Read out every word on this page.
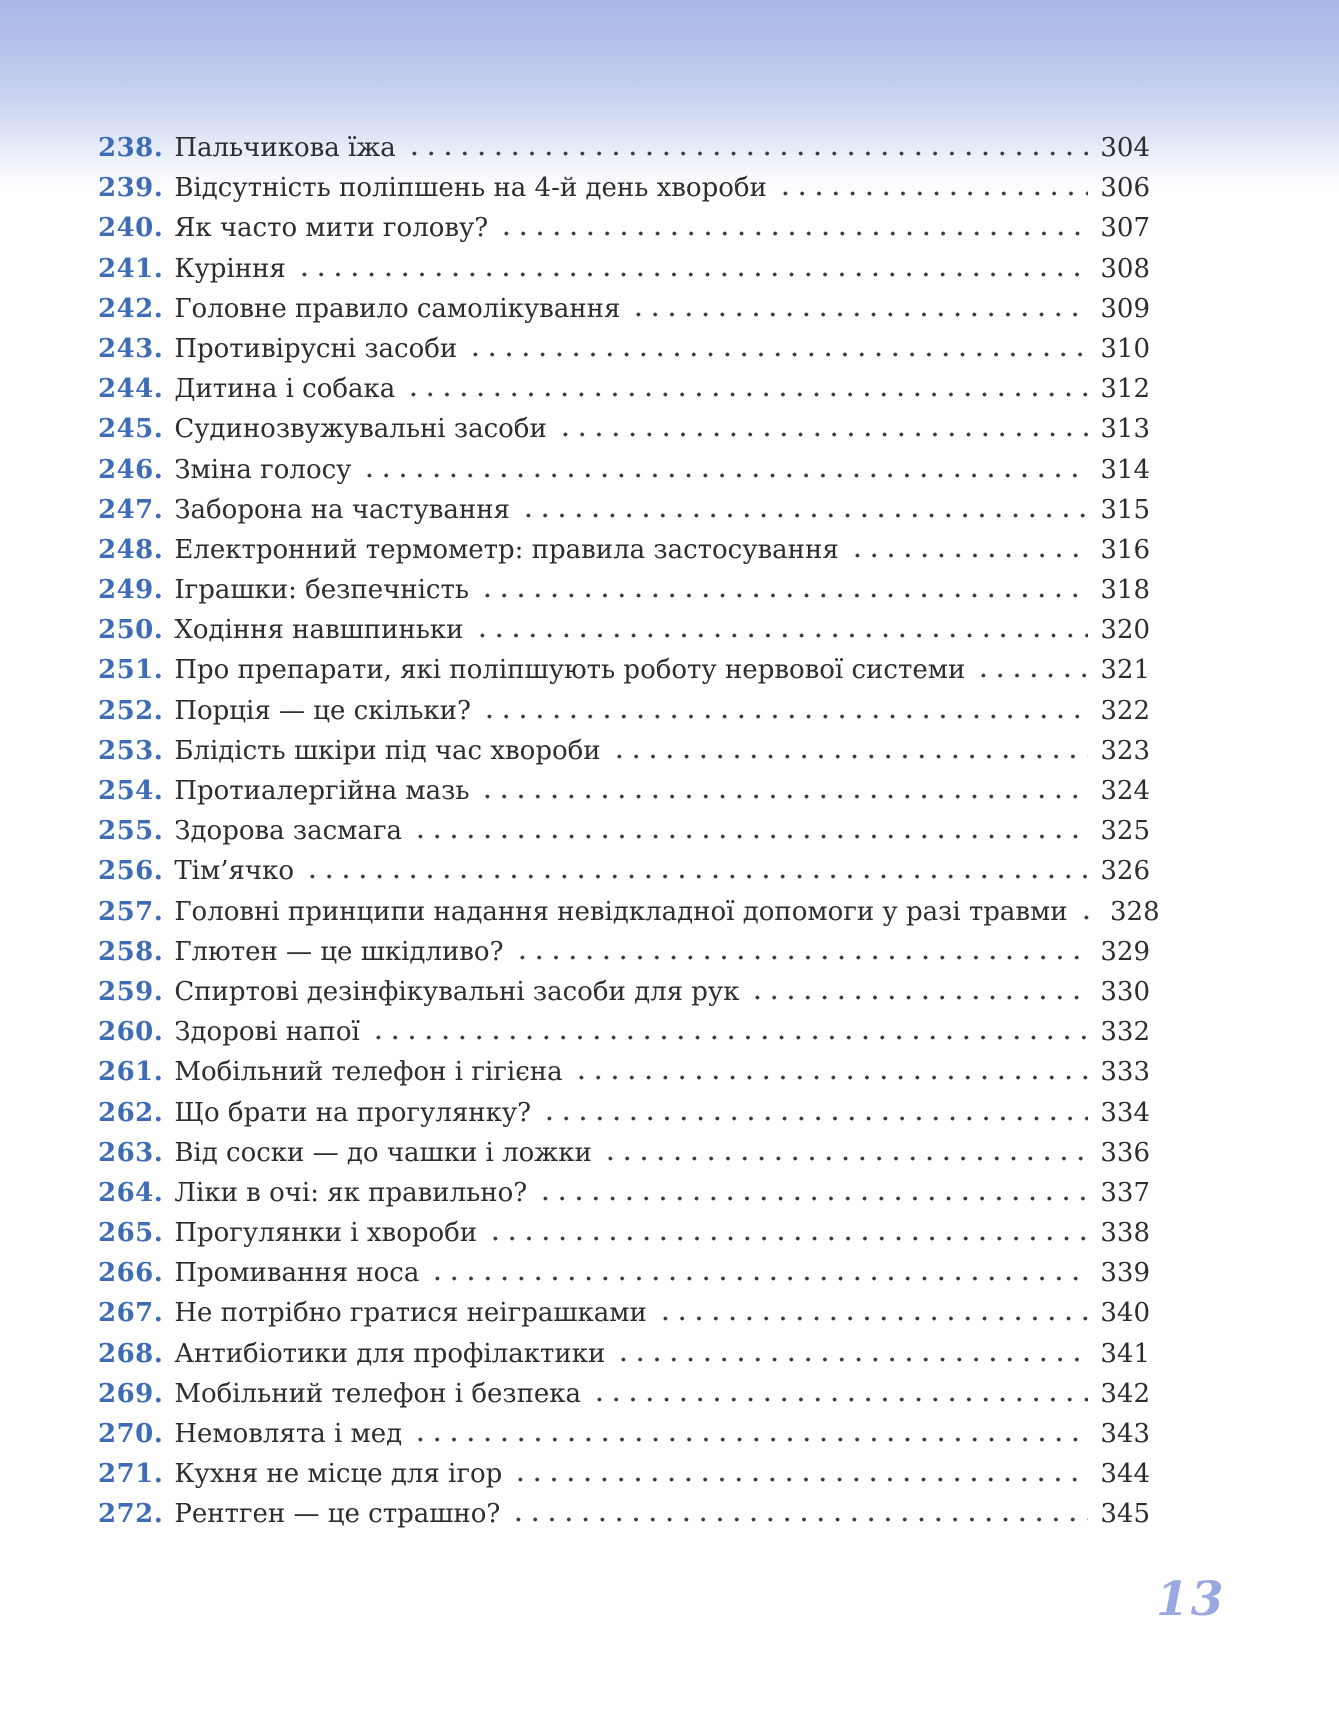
238. Пальчикова їжа	304
239. Відсутність поліпшень на 4-й день хвороби	306
240. Як часто мити голову?	307
241. Куріння	308
242. Головне правило самолікування	309
243. Противірусні засоби	310
244. Дитина і собака	312
245. Судинозвужувальні засоби	313
246. Зміна голосу	314
247. Заборона на частування	315
248. Електронний термометр: правила застосування	316
249. Іграшки: безпечність	318
250. Ходіння навшпиньки	320
251. Про препарати, які поліпшують роботу нервової системи	321
252. Порція — це скільки?	322
253. Блідість шкіри під час хвороби	323
254. Протиалергійна мазь	324
255. Здорова засмага	325
256. Тім’ячко	326
257. Головні принципи надання невідкладної допомоги у разі травми	328
258. Глютен — це шкідливо?	329
259. Спиртові дезінфікувальні засоби для рук	330
260. Здорові напої	332
261. Мобільний телефон і гігієна	333
262. Що брати на прогулянку?	334
263. Від соски — до чашки і ложки	336
264. Ліки в очі: як правильно?	337
265. Прогулянки і хвороби	338
266. Промивання носа	339
267. Не потрібно гратися неіграшками	340
268. Антибіотики для профілактики	341
269. Мобільний телефон і безпека	342
270. Немовлята і мед	343
271. Кухня не місце для ігор	344
272. Рентген — це страшно?	345
13
